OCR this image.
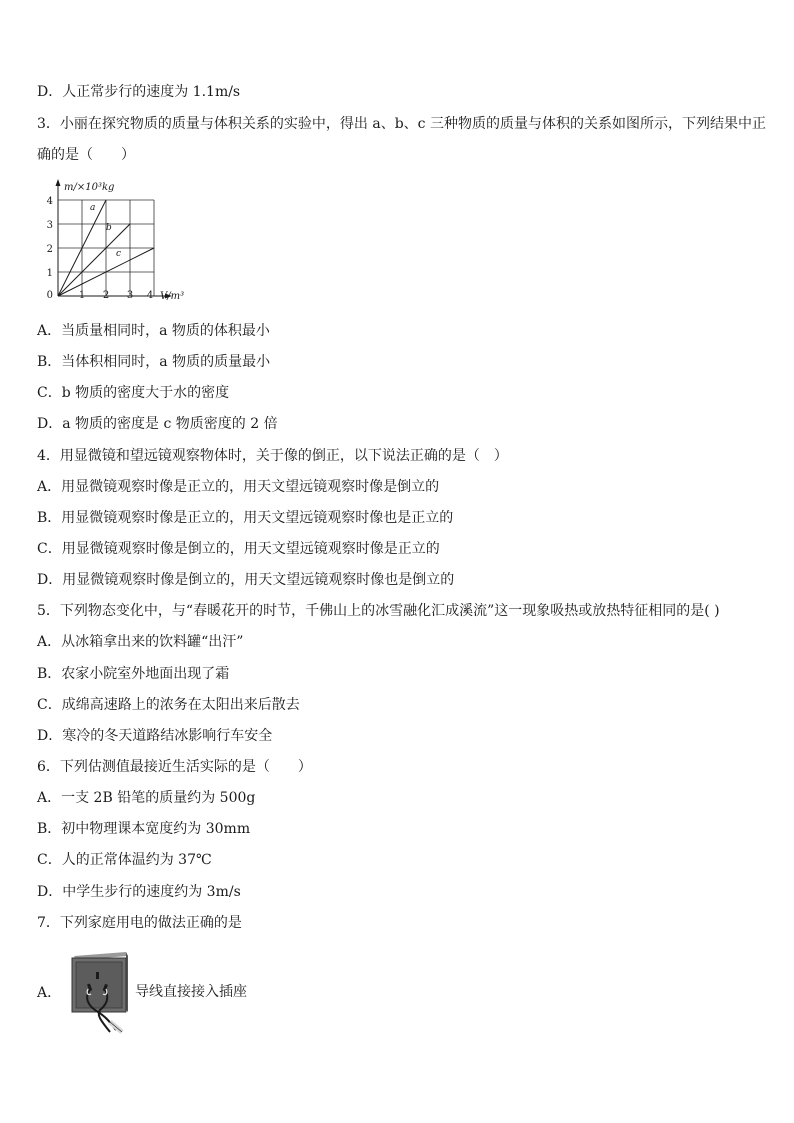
D．人正常步行的速度为 1.1m/s
3．小丽在探究物质的质量与体积关系的实验中，得出 a、b、c 三种物质的质量与体积的关系如图所示，下列结果中正
确的是（　　）
m/×10³kg
V/m³
0
1
2
3
4
1 2 3 4
a
b
c
A．当质量相同时，a 物质的体积最小
B．当体积相同时，a 物质的质量最小
C．b 物质的密度大于水的密度
D．a 物质的密度是 c 物质密度的 2 倍
4．用显微镜和望远镜观察物体时，关于像的倒正，以下说法正确的是（　）
A．用显微镜观察时像是正立的，用天文望远镜观察时像是倒立的
B．用显微镜观察时像是正立的，用天文望远镜观察时像也是正立的
C．用显微镜观察时像是倒立的，用天文望远镜观察时像是正立的
D．用显微镜观察时像是倒立的，用天文望远镜观察时像也是倒立的
5．下列物态变化中，与“春暖花开的时节，千佛山上的冰雪融化汇成溪流”这一现象吸热或放热特征相同的是( )
A．从冰箱拿出来的饮料罐“出汗”
B．农家小院室外地面出现了霜
C．成绵高速路上的浓务在太阳出来后散去
D．寒冷的冬天道路结冰影响行车安全
6．下列估测值最接近生活实际的是（　　）
A．一支 2B 铅笔的质量约为 500g
B．初中物理课本宽度约为 30mm
C．人的正常体温约为 37℃
D．中学生步行的速度约为 3m/s
7．下列家庭用电的做法正确的是
A．	导线直接接入插座
